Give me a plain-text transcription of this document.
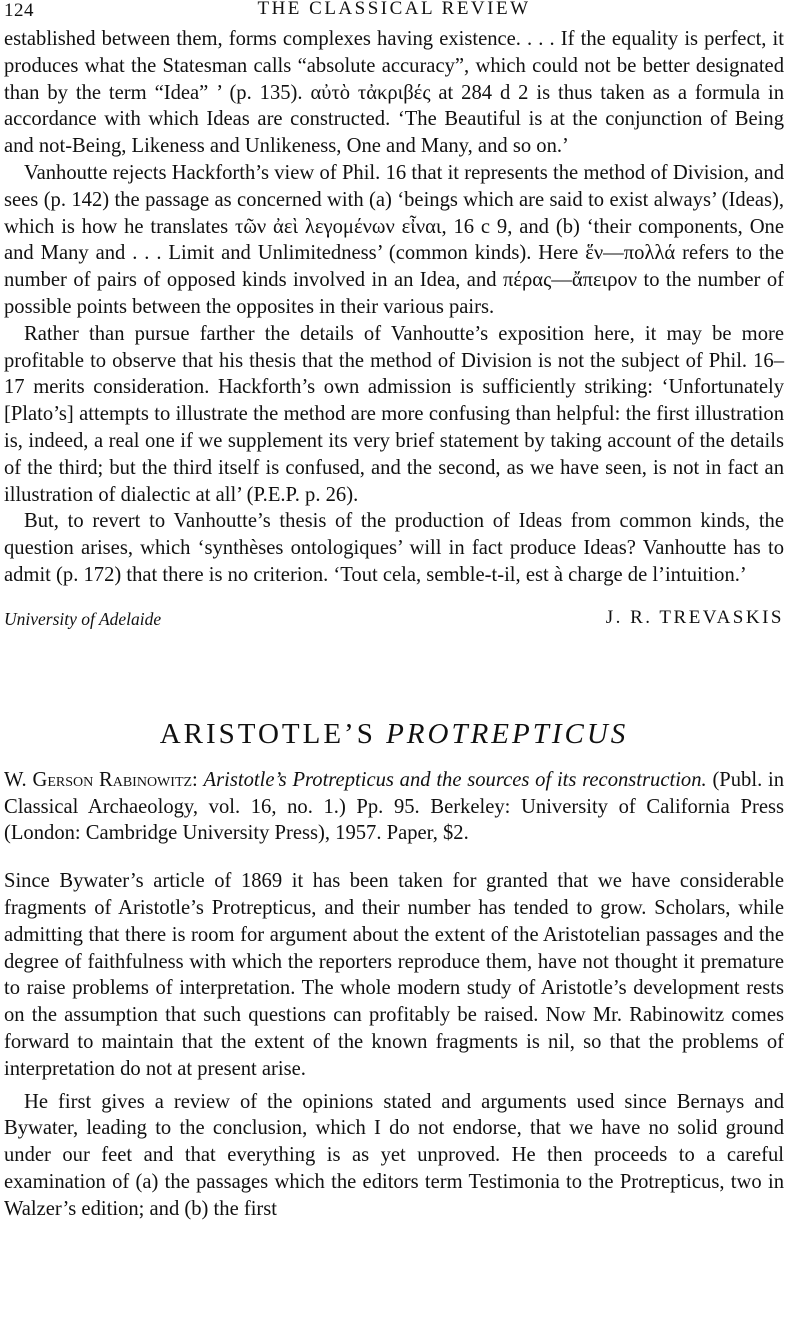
124	THE CLASSICAL REVIEW

established between them, forms complexes having existence. . . . If the equality is perfect, it produces what the Statesman calls “absolute accuracy”, which could not be better designated than by the term “Idea” ’ (p. 135). αὐτὸ τἀκριβές at 284 d 2 is thus taken as a formula in accordance with which Ideas are constructed. ‘The Beautiful is at the conjunction of Being and not-Being, Likeness and Unlikeness, One and Many, and so on.’

Vanhoutte rejects Hackforth’s view of Phil. 16 that it represents the method of Division, and sees (p. 142) the passage as concerned with (a) ‘beings which are said to exist always’ (Ideas), which is how he translates τῶν ἀεὶ λεγομένων εἶναι, 16 c 9, and (b) ‘their components, One and Many and . . . Limit and Unlimitedness’ (common kinds). Here ἕν—πολλά refers to the number of pairs of opposed kinds involved in an Idea, and πέρας—ἄπειρον to the number of possible points between the opposites in their various pairs.

Rather than pursue farther the details of Vanhoutte’s exposition here, it may be more profitable to observe that his thesis that the method of Division is not the subject of Phil. 16–17 merits consideration. Hackforth’s own admission is sufficiently striking: ‘Unfortunately [Plato’s] attempts to illustrate the method are more confusing than helpful: the first illustration is, indeed, a real one if we supplement its very brief statement by taking account of the details of the third; but the third itself is confused, and the second, as we have seen, is not in fact an illustration of dialectic at all’ (P.E.P. p. 26).

But, to revert to Vanhoutte’s thesis of the production of Ideas from common kinds, the question arises, which ‘synthèses ontologiques’ will in fact produce Ideas? Vanhoutte has to admit (p. 172) that there is no criterion. ‘Tout cela, semble-t-il, est à charge de l’intuition.’

University of Adelaide	J. R. TREVASKIS
ARISTOTLE’S PROTREPTICUS
W. Gerson Rabinowitz: Aristotle’s Protrepticus and the sources of its reconstruction. (Publ. in Classical Archaeology, vol. 16, no. 1.) Pp. 95. Berkeley: University of California Press (London: Cambridge University Press), 1957. Paper, $2.

Since Bywater’s article of 1869 it has been taken for granted that we have considerable fragments of Aristotle’s Protrepticus, and their number has tended to grow. Scholars, while admitting that there is room for argument about the extent of the Aristotelian passages and the degree of faithfulness with which the reporters reproduce them, have not thought it premature to raise problems of interpretation. The whole modern study of Aristotle’s development rests on the assumption that such questions can profitably be raised. Now Mr. Rabinowitz comes forward to maintain that the extent of the known fragments is nil, so that the problems of interpretation do not at present arise.

He first gives a review of the opinions stated and arguments used since Bernays and Bywater, leading to the conclusion, which I do not endorse, that we have no solid ground under our feet and that everything is as yet unproved. He then proceeds to a careful examination of (a) the passages which the editors term Testimonia to the Protrepticus, two in Walzer’s edition; and (b) the first
